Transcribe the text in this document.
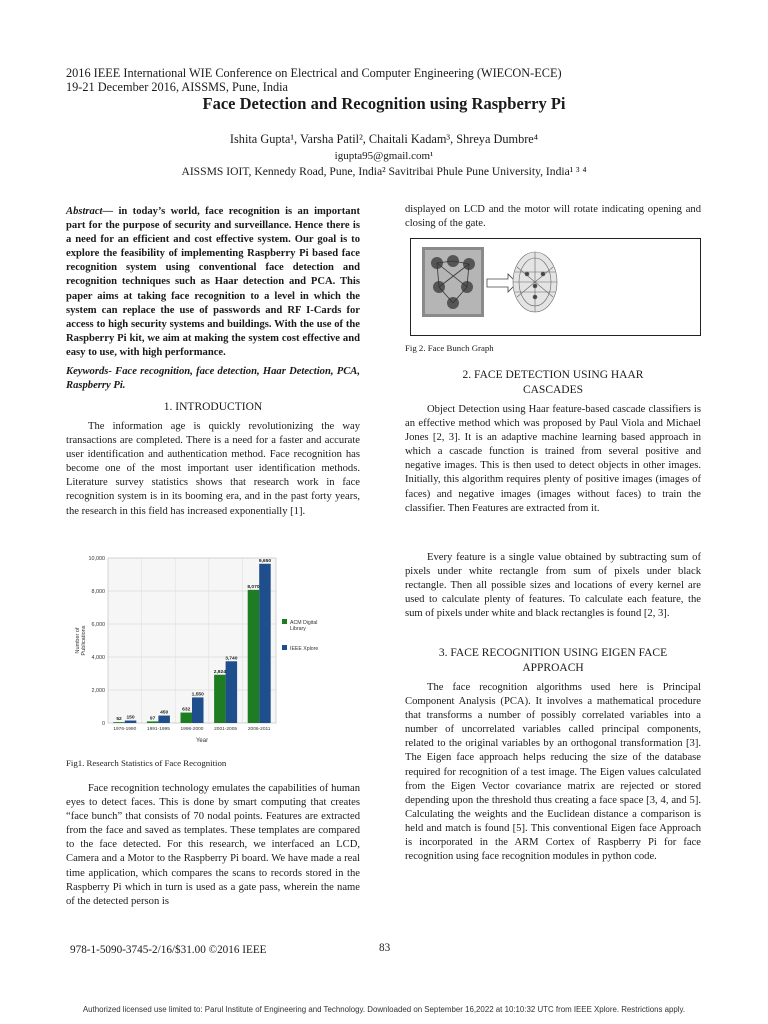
2016 IEEE International WIE Conference on Electrical and Computer Engineering (WIECON-ECE)
19-21 December 2016, AISSMS, Pune, India
Face Detection and Recognition using Raspberry Pi
Ishita Gupta¹, Varsha Patil², Chaitali Kadam³, Shreya Dumbre⁴
igupta95@gmail.com¹
AISSMS IOIT, Kennedy Road, Pune, India² Savitribai Phule Pune University, India¹ ³ ⁴

Abstract— in today’s world, face recognition is an important part for the purpose of security and surveillance. Hence there is a need for an efficient and cost effective system. Our goal is to explore the feasibility of implementing Raspberry Pi based face recognition system using conventional face detection and recognition techniques such as Haar detection and PCA. This paper aims at taking face recognition to a level in which the system can replace the use of passwords and RF I-Cards for access to high security systems and buildings. With the use of the Raspberry Pi kit, we aim at making the system cost effective and easy to use, with high performance.

Keywords- Face recognition, face detection, Haar Detection, PCA, Raspberry Pi.
1. INTRODUCTION

The information age is quickly revolutionizing the way transactions are completed. There is a need for a faster and accurate user identification and authentication method. Face recognition has become one of the most important user identification methods. Literature survey statistics shows that research work in face recognition system is in its booming era, and in the past forty years, the research in this field has increased exponentially [1].

0
2,000
4,000
6,000
8,000
10,000
52 150	97
450
632
1,550
2,924
3,740
8,070
9,650
1976-1990 1991-1995 1996-2000 2001-2005 2006-2011
ACM Digital Library
IEEE Xplore
Number ofPublications
Year
Fig1. Research Statistics of Face Recognition

Face recognition technology emulates the capabilities of human eyes to detect faces. This is done by smart computing that creates “face bunch” that consists of 70 nodal points. Features are extracted from the face and saved as templates. These templates are compared to the face detected. For this research, we interfaced an LCD, Camera and a Motor to the Raspberry Pi board. We have made a real time application, which compares the scans to records stored in the Raspberry Pi which in turn is used as a gate pass, wherein the name of the detected person is

displayed on LCD and the motor will rotate indicating opening and closing of the gate.

Fig 2. Face Bunch Graph
2. FACE DETECTION USING HAAR
CASCADES

Object Detection using Haar feature-based cascade classifiers is an effective method which was proposed by Paul Viola and Michael Jones [2, 3]. It is an adaptive machine learning based approach in which a cascade function is trained from several positive and negative images. This is then used to detect objects in other images. Initially, this algorithm requires plenty of positive images (images of faces) and negative images (images without faces) to train the classifier. Then Features are extracted from it.

Every feature is a single value obtained by subtracting sum of pixels under white rectangle from sum of pixels under black rectangle. Then all possible sizes and locations of every kernel are used to calculate plenty of features. To calculate each feature, the sum of pixels under white and black rectangles is found [2, 3].

3. FACE RECOGNITION USING EIGEN FACE
APPROACH

The face recognition algorithms used here is Principal Component Analysis (PCA). It involves a mathematical procedure that transforms a number of possibly correlated variables into a number of uncorrelated variables called principal components, related to the original variables by an orthogonal transformation [3]. The Eigen face approach helps reducing the size of the database required for recognition of a test image. The Eigen values calculated from the Eigen Vector covariance matrix are rejected or stored depending upon the threshold thus creating a face space [3, 4, and 5]. Calculating the weights and the Euclidean distance a comparison is held and match is found [5]. This conventional Eigen face Approach is incorporated in the ARM Cortex of Raspberry Pi for face recognition using face recognition modules in python code.

978-1-5090-3745-2/16/$31.00 ©2016 IEEE	83
Authorized licensed use limited to: Parul Institute of Engineering and Technology. Downloaded on September 16,2022 at 10:10:32 UTC from IEEE Xplore. Restrictions apply.
